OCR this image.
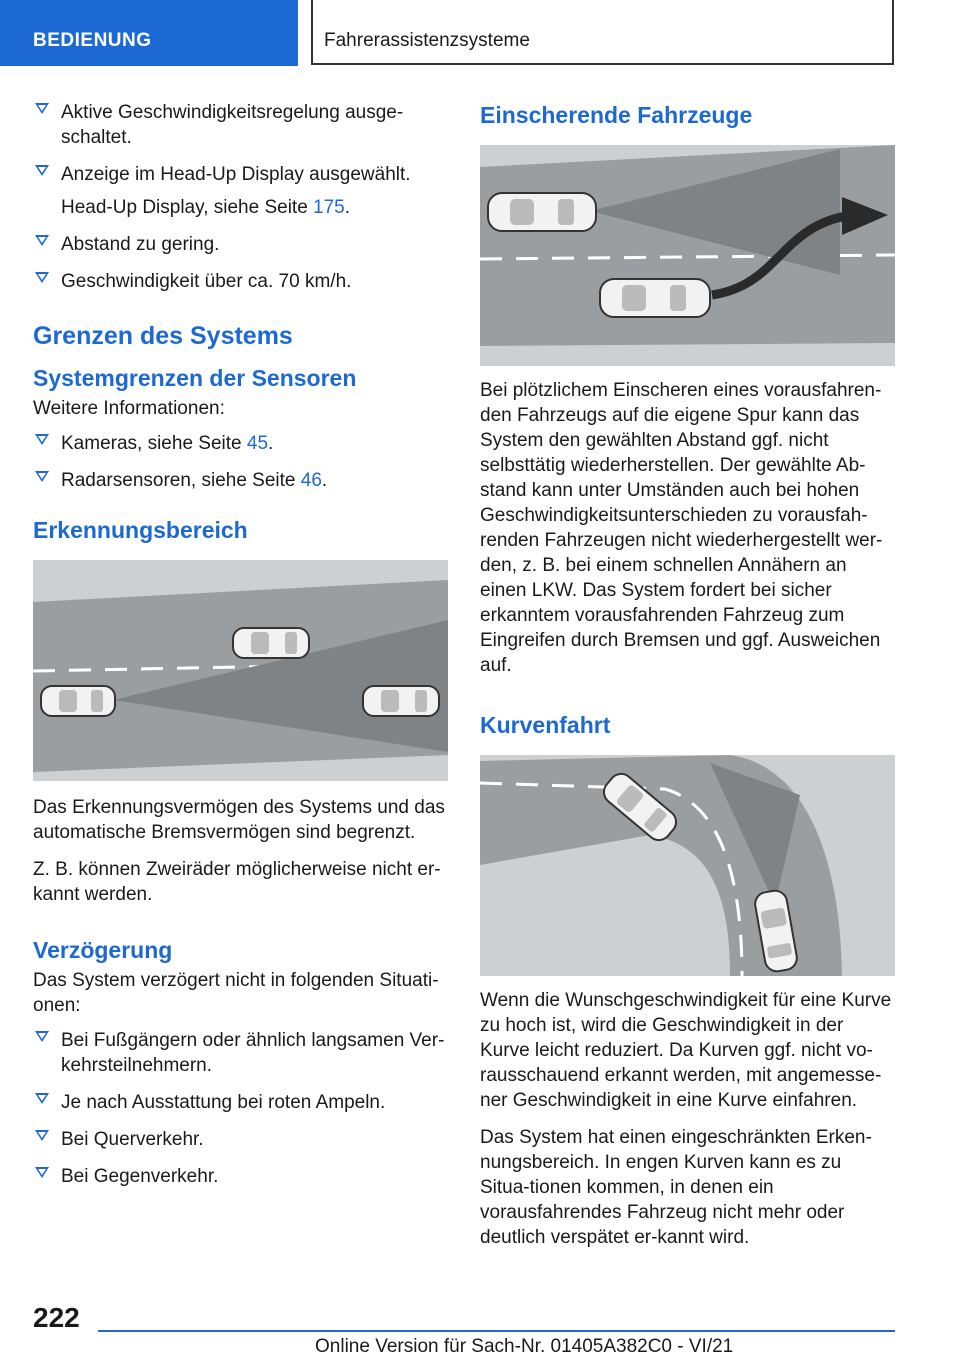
BEDIENUNG	Fahrerassistenzsysteme
Aktive Geschwindigkeitsregelung ausge-schaltet.
Anzeige im Head-Up Display ausgewählt.
Head-Up Display, siehe Seite 175.
Abstand zu gering.
Geschwindigkeit über ca. 70 km/h.
Grenzen des Systems
Systemgrenzen der Sensoren
Weitere Informationen:
Kameras, siehe Seite 45.
Radarsensoren, siehe Seite 46.
Erkennungsbereich
Das Erkennungsvermögen des Systems und das automatische Bremsvermögen sind begrenzt.
Z. B. können Zweiräder möglicherweise nicht er-kannt werden.
Verzögerung
Das System verzögert nicht in folgenden Situati-onen:
Bei Fußgängern oder ähnlich langsamen Ver-kehrsteilnehmern.
Je nach Ausstattung bei roten Ampeln.
Bei Querverkehr.
Bei Gegenverkehr.
Einscherende Fahrzeuge
Bei plötzlichem Einscheren eines vorausfahren-den Fahrzeugs auf die eigene Spur kann das System den gewählten Abstand ggf. nicht selbsttätig wiederherstellen. Der gewählte Ab-stand kann unter Umständen auch bei hohen Geschwindigkeitsunterschieden zu vorausfah-renden Fahrzeugen nicht wiederhergestellt wer-den, z. B. bei einem schnellen Annähern an einen LKW. Das System fordert bei sicher erkanntem vorausfahrenden Fahrzeug zum Eingreifen durch Bremsen und ggf. Ausweichen auf.
Kurvenfahrt
Wenn die Wunschgeschwindigkeit für eine Kurve zu hoch ist, wird die Geschwindigkeit in der Kurve leicht reduziert. Da Kurven ggf. nicht vo-rausschauend erkannt werden, mit angemesse-ner Geschwindigkeit in eine Kurve einfahren.
Das System hat einen eingeschränkten Erken-nungsbereich. In engen Kurven kann es zu Situa-tionen kommen, in denen ein vorausfahrendes Fahrzeug nicht mehr oder deutlich verspätet er-kannt wird.
222
Online Version für Sach-Nr. 01405A382C0 - VI/21
